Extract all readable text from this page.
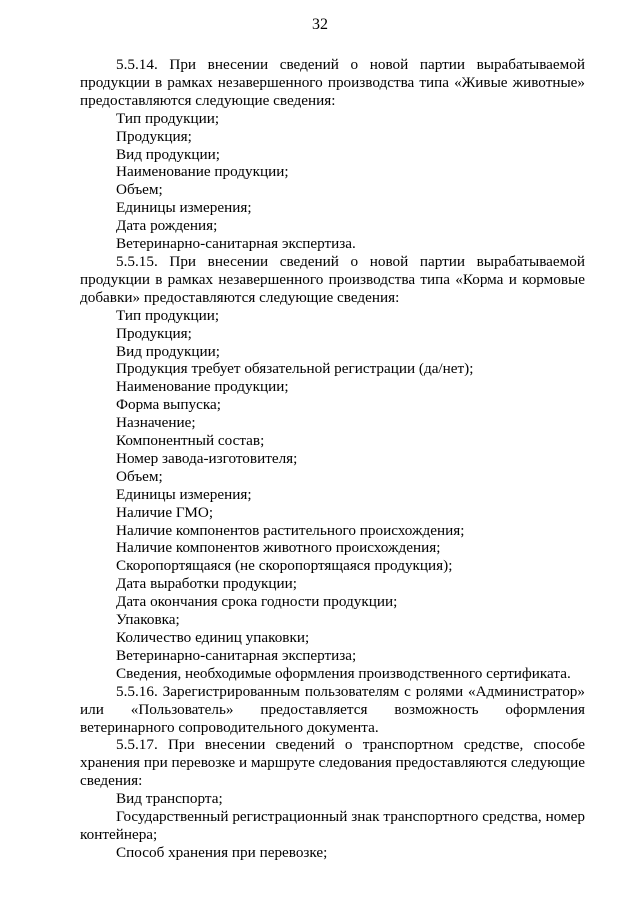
32

5.5.14. При внесении сведений о новой партии вырабатываемой продукции в рамках незавершенного производства типа «Живые животные» предоставляются следующие сведения:

Тип продукции;

Продукция;

Вид продукции;

Наименование продукции;

Объем;

Единицы измерения;

Дата рождения;

Ветеринарно-санитарная экспертиза.

5.5.15. При внесении сведений о новой партии вырабатываемой продукции в рамках незавершенного производства типа «Корма и кормовые добавки» предоставляются следующие сведения:

Тип продукции;

Продукция;

Вид продукции;

Продукция требует обязательной регистрации (да/нет);

Наименование продукции;

Форма выпуска;

Назначение;

Компонентный состав;

Номер завода-изготовителя;

Объем;

Единицы измерения;

Наличие ГМО;

Наличие компонентов растительного происхождения;

Наличие компонентов животного происхождения;

Скоропортящаяся (не скоропортящаяся продукция);

Дата выработки продукции;

Дата окончания срока годности продукции;

Упаковка;

Количество единиц упаковки;

Ветеринарно-санитарная экспертиза;

Сведения, необходимые оформления производственного сертификата.

5.5.16. Зарегистрированным пользователям с ролями «Администратор» или «Пользователь» предоставляется возможность оформления ветеринарного сопроводительного документа.

5.5.17. При внесении сведений о транспортном средстве, способе хранения при перевозке и маршруте следования предоставляются следующие сведения:

Вид транспорта;

Государственный регистрационный знак транспортного средства, номер контейнера;

Способ хранения при перевозке;
